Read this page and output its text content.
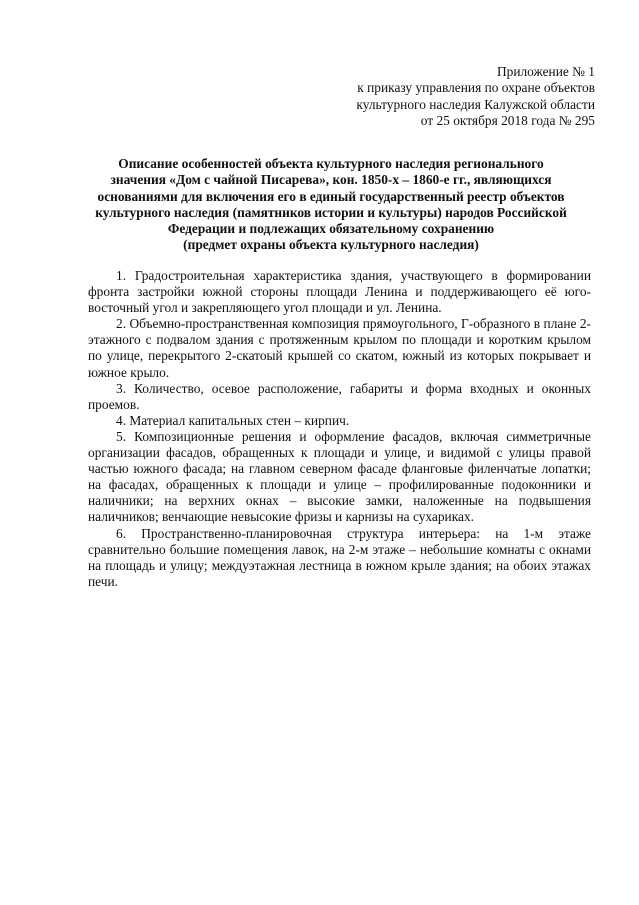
Приложение № 1
к приказу управления по охране объектов
культурного наследия Калужской области
от 25 октября 2018 года № 295
Описание особенностей объекта культурного наследия регионального
значения «Дом с чайной Писарева», кон. 1850-х – 1860-е гг., являющихся
основаниями для включения его в единый государственный реестр объектов
культурного наследия (памятников истории и культуры) народов Российской
Федерации и подлежащих обязательному сохранению
(предмет охраны объекта культурного наследия)

1. Градостроительная характеристика здания, участвующего в формировании фронта застройки южной стороны площади Ленина и поддерживающего её юго-восточный угол и закрепляющего угол площади и ул. Ленина.

2. Объемно-пространственная композиция прямоугольного, Г-образного в плане 2-этажного с подвалом здания с протяженным крылом по площади и коротким крылом по улице, перекрытого 2-скатоый крышей со скатом, южный из которых покрывает и южное крыло.

3. Количество, осевое расположение, габариты и форма входных и оконных проемов.

4. Материал капитальных стен – кирпич.

5. Композиционные решения и оформление фасадов, включая симметричные организации фасадов, обращенных к площади и улице, и видимой с улицы правой частью южного фасада; на главном северном фасаде фланговые филенчатые лопатки; на фасадах, обращенных к площади и улице – профилированные подоконники и наличники; на верхних окнах – высокие замки, наложенные на подвышения наличников; венчающие невысокие фризы и карнизы на сухариках.

6. Пространственно-планировочная структура интерьера: на 1-м этаже сравнительно большие помещения лавок, на 2-м этаже – небольшие комнаты с окнами на площадь и улицу; междуэтажная лестница в южном крыле здания; на обоих этажах печи.
